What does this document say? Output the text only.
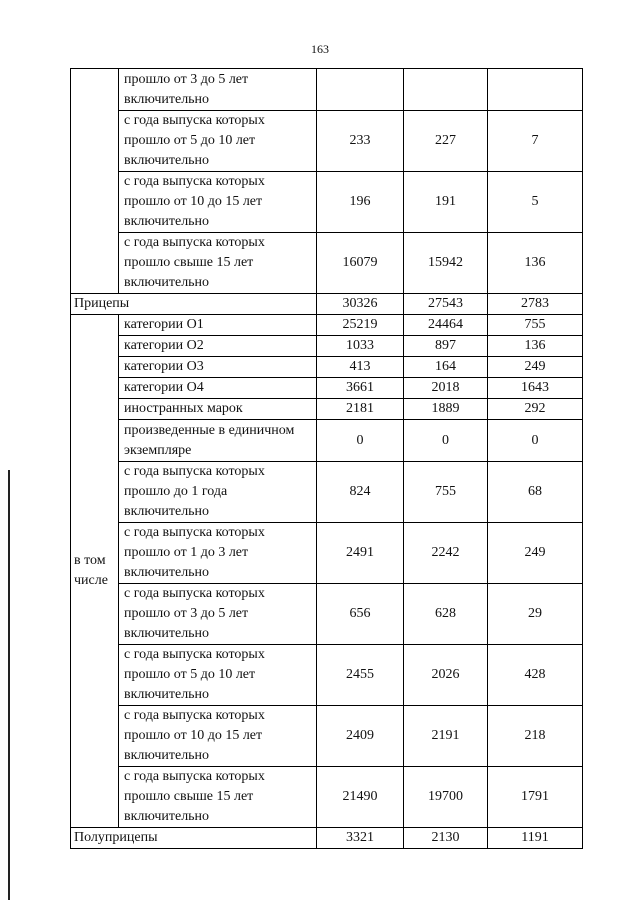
163
	прошло от 3 до 5 лет включительно			
	с года выпуска которых прошло от 5 до 10 лет включительно	233	227	7
	с года выпуска которых прошло от 10 до 15 лет включительно	196	191	5
	с года выпуска которых прошло свыше 15 лет включительно	16079	15942	136
Прицепы		30326	27543	2783
в том числе	категории О1	25219	24464	755
	категории О2	1033	897	136
	категории О3	413	164	249
	категории О4	3661	2018	1643
	иностранных марок	2181	1889	292
	произведенные в единичном экземпляре	0	0	0
	с года выпуска которых прошло до 1 года включительно	824	755	68
	с года выпуска которых прошло от 1 до 3 лет включительно	2491	2242	249
	с года выпуска которых прошло от 3 до 5 лет включительно	656	628	29
	с года выпуска которых прошло от 5 до 10 лет включительно	2455	2026	428
	с года выпуска которых прошло от 10 до 15 лет включительно	2409	2191	218
	с года выпуска которых прошло свыше 15 лет включительно	21490	19700	1791
Полуприцепы		3321	2130	1191
